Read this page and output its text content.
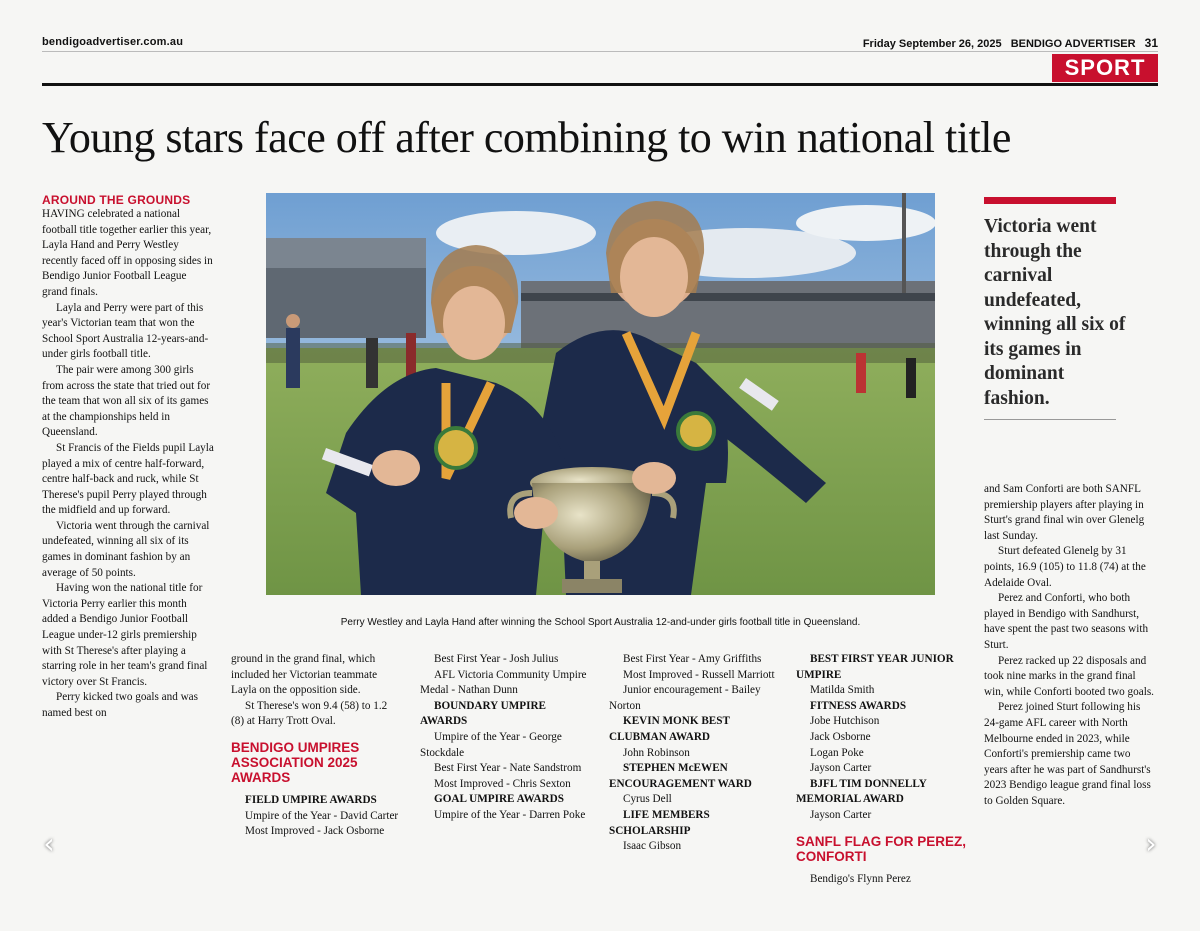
bendigoadvertiser.com.au	Friday September 26, 2025 BENDIGO ADVERTISER 31
SPORT
Young stars face off after combining to win national title
AROUND THE GROUNDS

HAVING celebrated a national football title together earlier this year, Layla Hand and Perry Westley recently faced off in opposing sides in Bendigo Junior Football League grand finals.

Layla and Perry were part of this year's Victorian team that won the School Sport Australia 12-years-and-under girls football title.

The pair were among 300 girls from across the state that tried out for the team that won all six of its games at the championships held in Queensland.

St Francis of the Fields pupil Layla played a mix of centre half-forward, centre half-back and ruck, while St Therese's pupil Perry played through the midfield and up forward.

Victoria went through the carnival undefeated, winning all six of its games in dominant fashion by an average of 50 points.

Having won the national title for Victoria Perry earlier this month added a Bendigo Junior Football League under-12 girls premiership with St Therese's after playing a starring role in her team's grand final victory over St Francis.

Perry kicked two goals and was named best on

Perry Westley and Layla Hand after winning the School Sport Australia 12-and-under girls football title in Queensland.
Victoria went through the carnival undefeated, winning all six of its games in dominant fashion.

ground in the grand final, which included her Victorian teammate Layla on the opposition side.

St Therese's won 9.4 (58) to 1.2 (8) at Harry Trott Oval.

BENDIGO UMPIRES ASSOCIATION 2025 AWARDS

FIELD UMPIRE AWARDS

Umpire of the Year - David Carter

Most Improved - Jack Osborne

Best First Year - Josh Julius

AFL Victoria Community Umpire Medal - Nathan Dunn

BOUNDARY UMPIRE AWARDS

Umpire of the Year - George Stockdale

Best First Year - Nate Sandstrom

Most Improved - Chris Sexton

GOAL UMPIRE AWARDS

Umpire of the Year - Darren Poke

Best First Year - Amy Griffiths

Most Improved - Russell Marriott

Junior encouragement - Bailey Norton

KEVIN MONK BEST CLUBMAN AWARD

John Robinson

STEPHEN McEWEN ENCOURAGEMENT WARD

Cyrus Dell

LIFE MEMBERS SCHOLARSHIP

Isaac Gibson

BEST FIRST YEAR JUNIOR UMPIRE

Matilda Smith

FITNESS AWARDS

Jobe Hutchison

Jack Osborne

Logan Poke

Jayson Carter

BJFL TIM DONNELLY MEMORIAL AWARD

Jayson Carter

SANFL FLAG FOR PEREZ, CONFORTI

Bendigo's Flynn Perez

and Sam Conforti are both SANFL premiership players after playing in Sturt's grand final win over Glenelg last Sunday.

Sturt defeated Glenelg by 31 points, 16.9 (105) to 11.8 (74) at the Adelaide Oval.

Perez and Conforti, who both played in Bendigo with Sandhurst, have spent the past two seasons with Sturt.

Perez racked up 22 disposals and took nine marks in the grand final win, while Conforti booted two goals.

Perez joined Sturt following his 24-game AFL career with North Melbourne ended in 2023, while Conforti's premiership came two years after he was part of Sandhurst's 2023 Bendigo league grand final loss to Golden Square.

‹	›
